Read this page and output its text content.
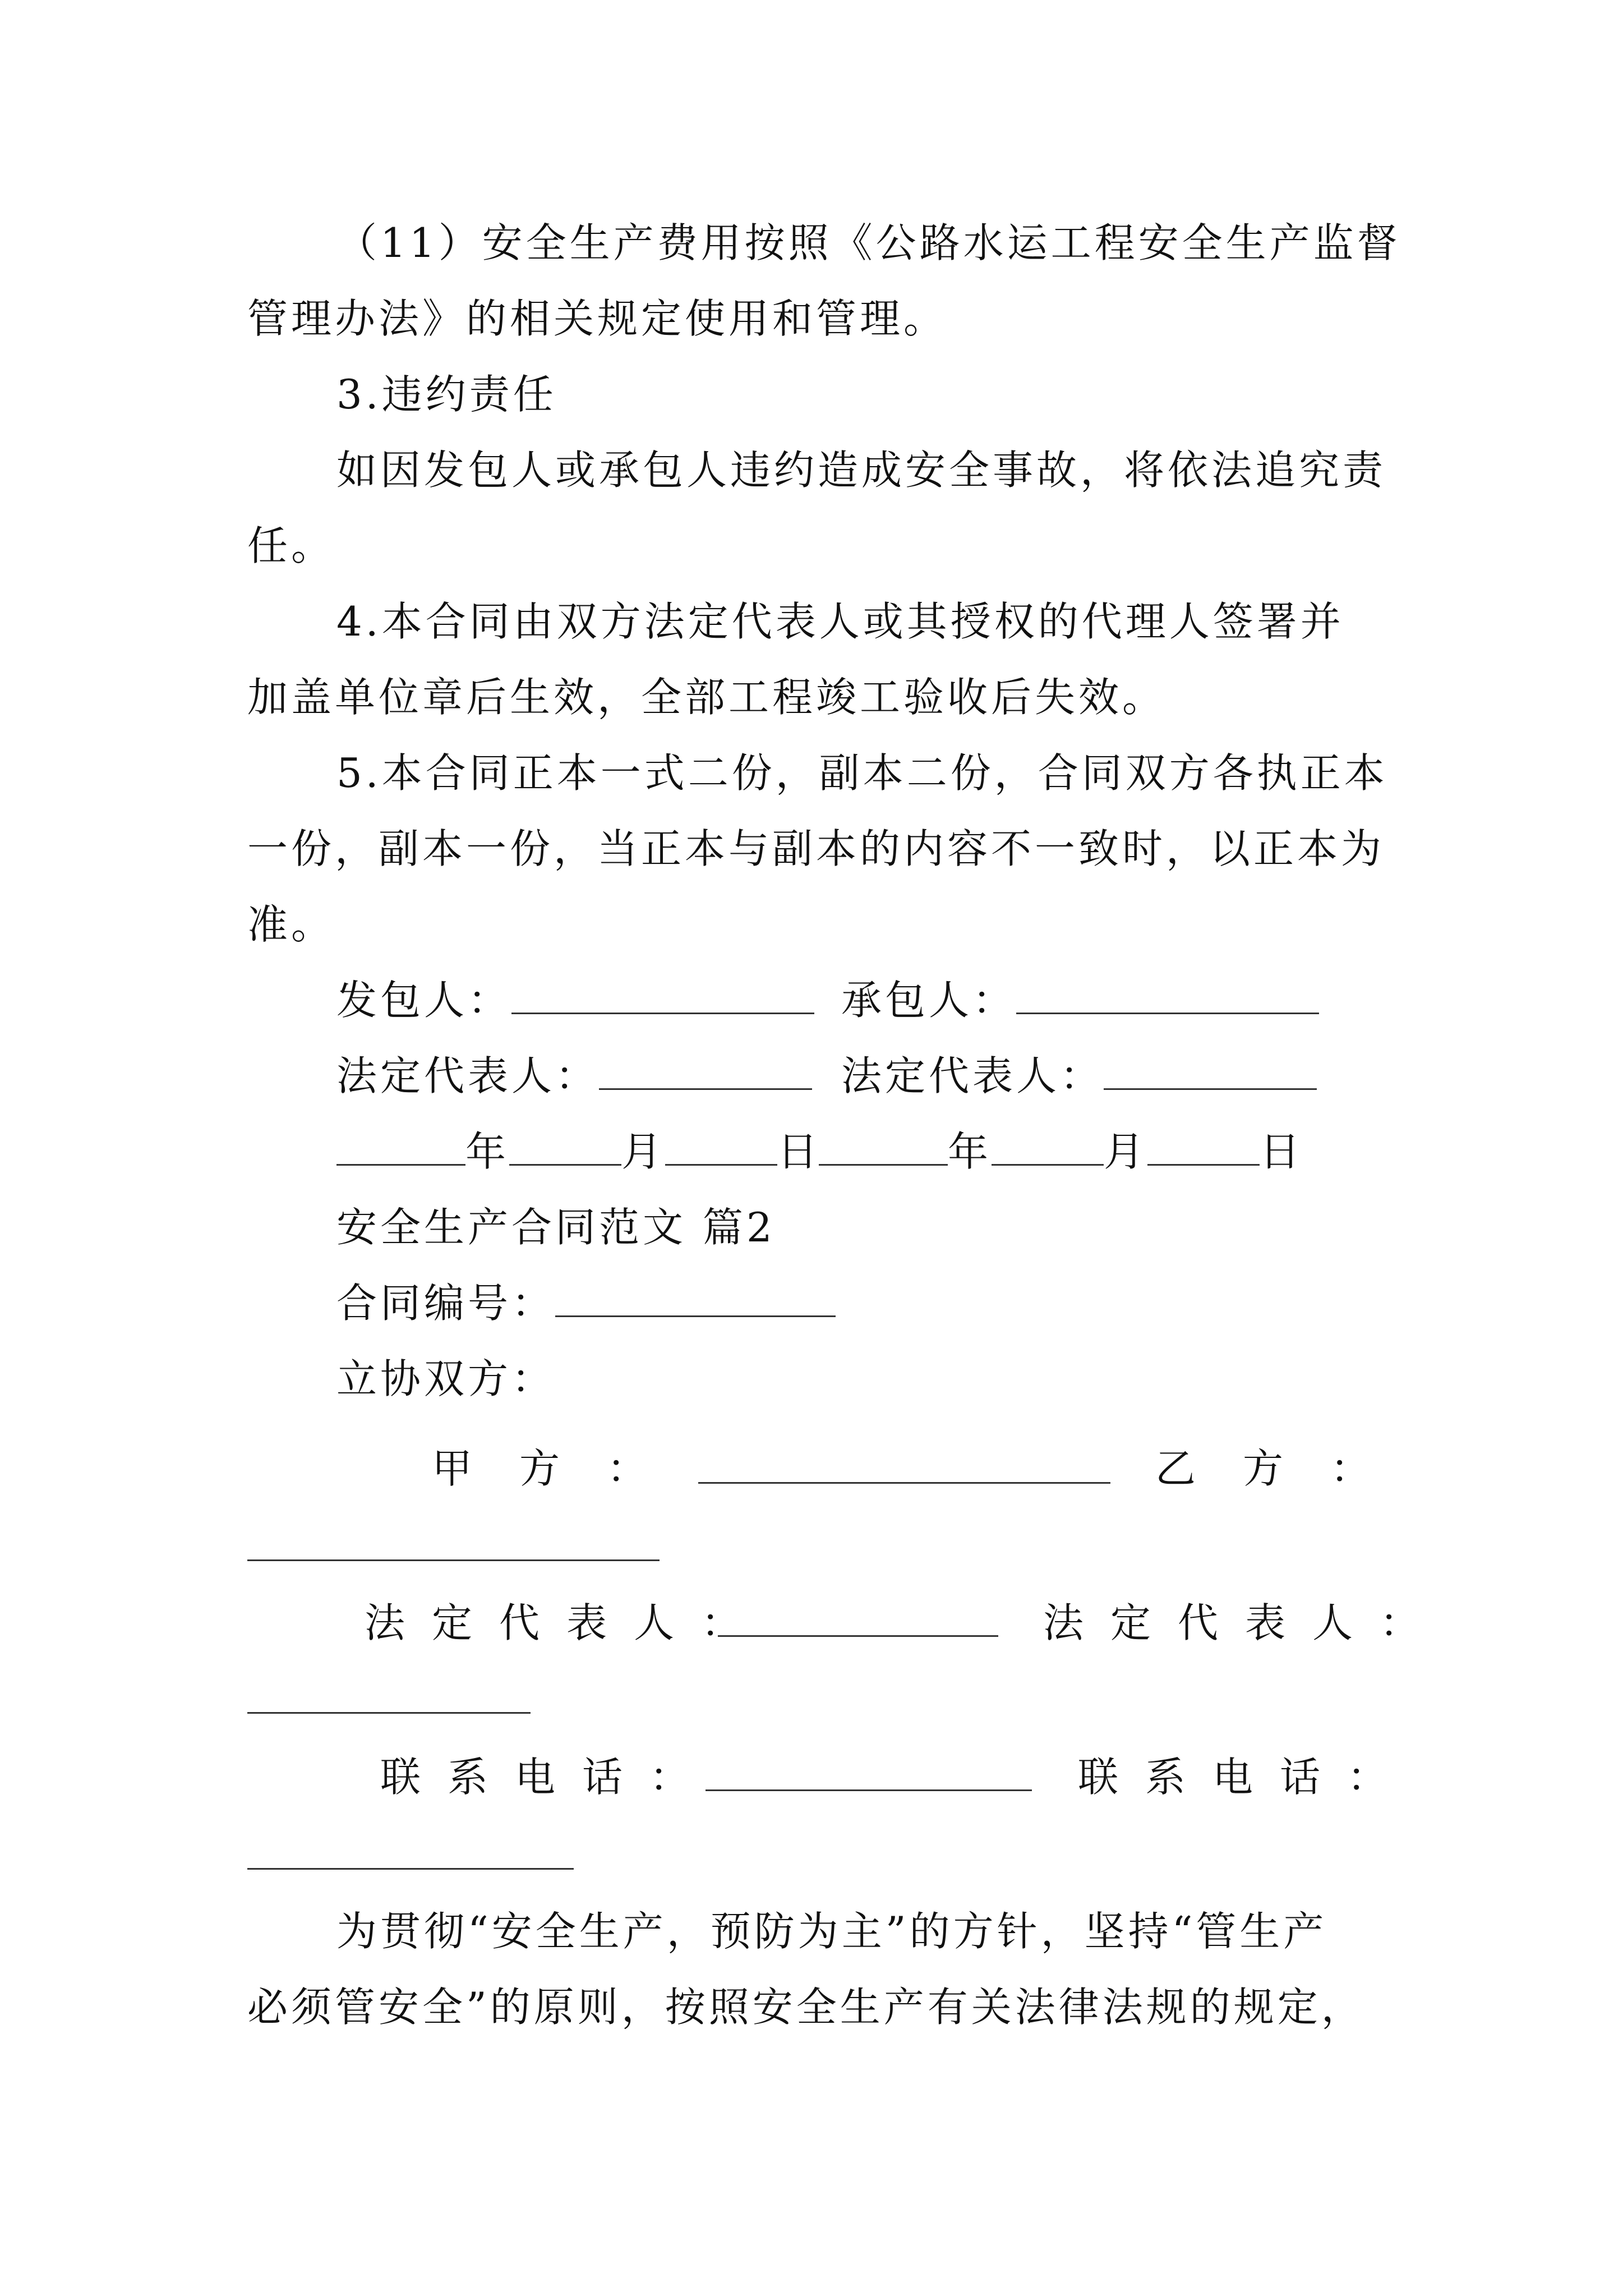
（11）安全生产费用按照《公路水运工程安全生产监督
管理办法》的相关规定使用和管理。
3.违约责任
如因发包人或承包人违约造成安全事故，将依法追究责
任。
4.本合同由双方法定代表人或其授权的代理人签署并
加盖单位章后生效，全部工程竣工验收后失效。
5.本合同正本一式二份，副本二份，合同双方各执正本
一份，副本一份，当正本与副本的内容不一致时，以正本为
准。
发包人：	承包人：
法定代表人：	法定代表人：
年	月	日	年	月	日
安全生产合同范文 篇2
合同编号：
立协双方：
甲　方　：	乙　方　：
法定代表人：	法定代表人：
联系电话：	联系电话：
为贯彻“安全生产，预防为主”的方针，坚持“管生产
必须管安全”的原则，按照安全生产有关法律法规的规定，
